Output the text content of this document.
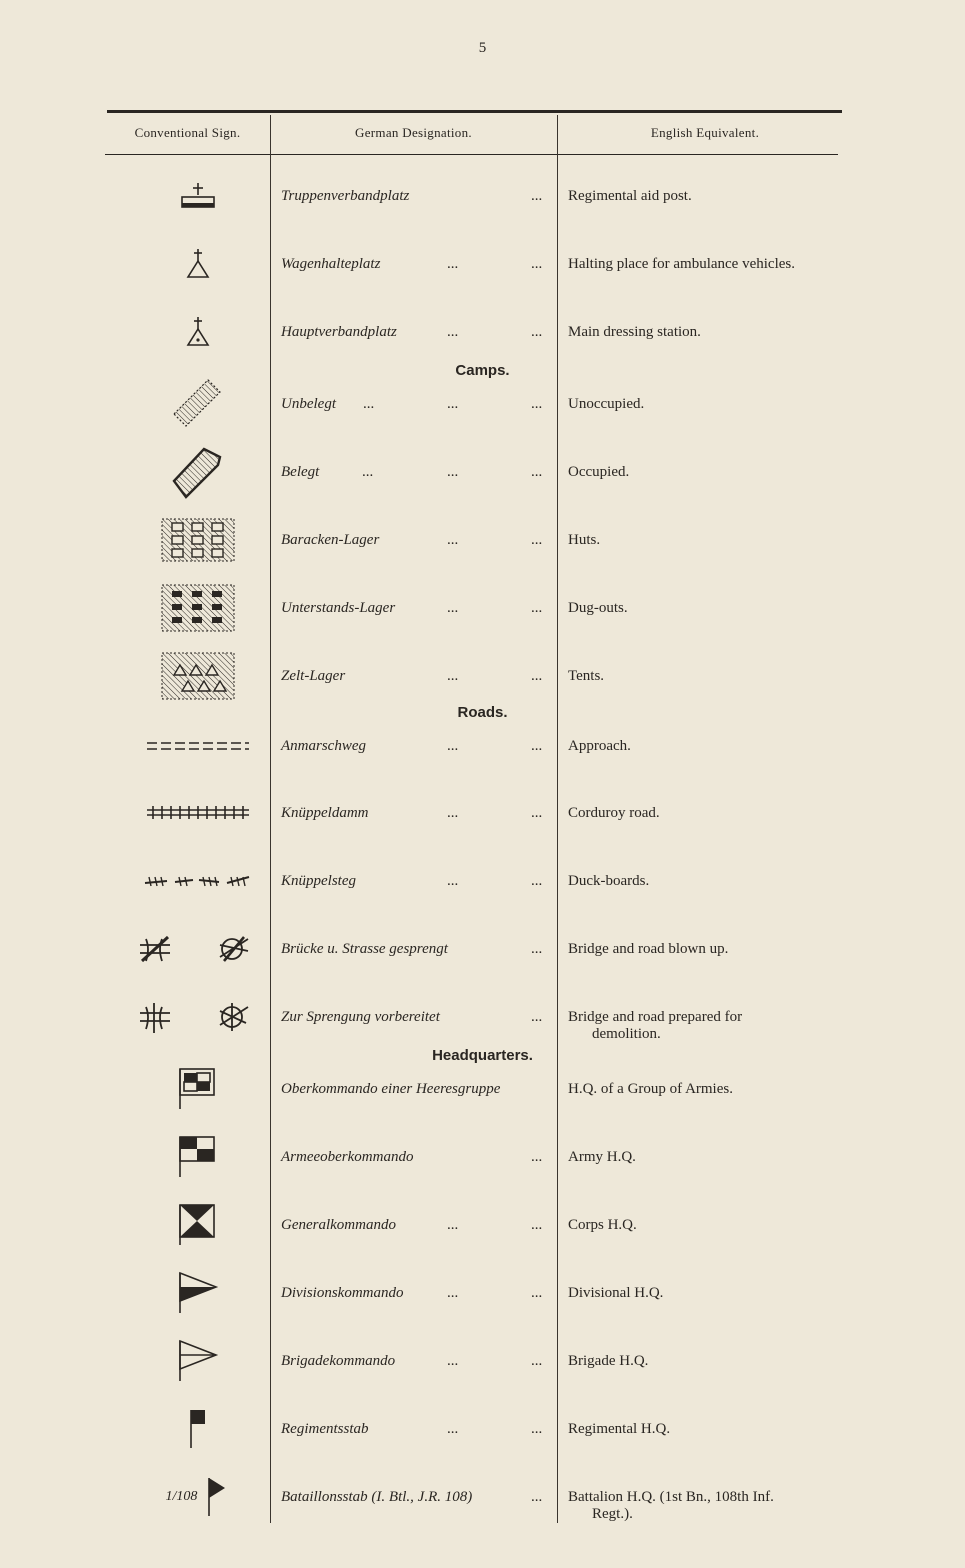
5
Conventional Sign.	German Designation.	English Equivalent.
Camps.
Roads.
Headquarters.
Truppenverbandplatz	... Regimental aid post.
Wagenhalteplatz	...	... Halting place for ambulance vehicles.
Hauptverbandplatz	...	... Main dressing station.
Unbelegt ...	...	... Unoccupied.
Belegt	...	...	... Occupied.
Baracken-Lager	...	... Huts.
Unterstands-Lager	...	... Dug-outs.
Zelt-Lager	...	... Tents.
Anmarschweg	...	... Approach.
Knüppeldamm	...	... Corduroy road.
Knüppelsteg	...	... Duck-boards.
Brücke u. Strasse gesprengt	... Bridge and road blown up.
Zur Sprengung vorbereitet	... Bridge and road prepared for
demolition.
Oberkommando einer Heeresgruppe	H.Q. of a Group of Armies.
Armeeoberkommando	... Army H.Q.
Generalkommando	...	... Corps H.Q.
Divisionskommando	...	... Divisional H.Q.
Brigadekommando	...	... Brigade H.Q.
Regimentsstab	...	... Regimental H.Q.
1/108	Bataillonsstab (I. Btl., J.R. 108)	... Battalion H.Q. (1st Bn., 108th Inf.
Regt.).
